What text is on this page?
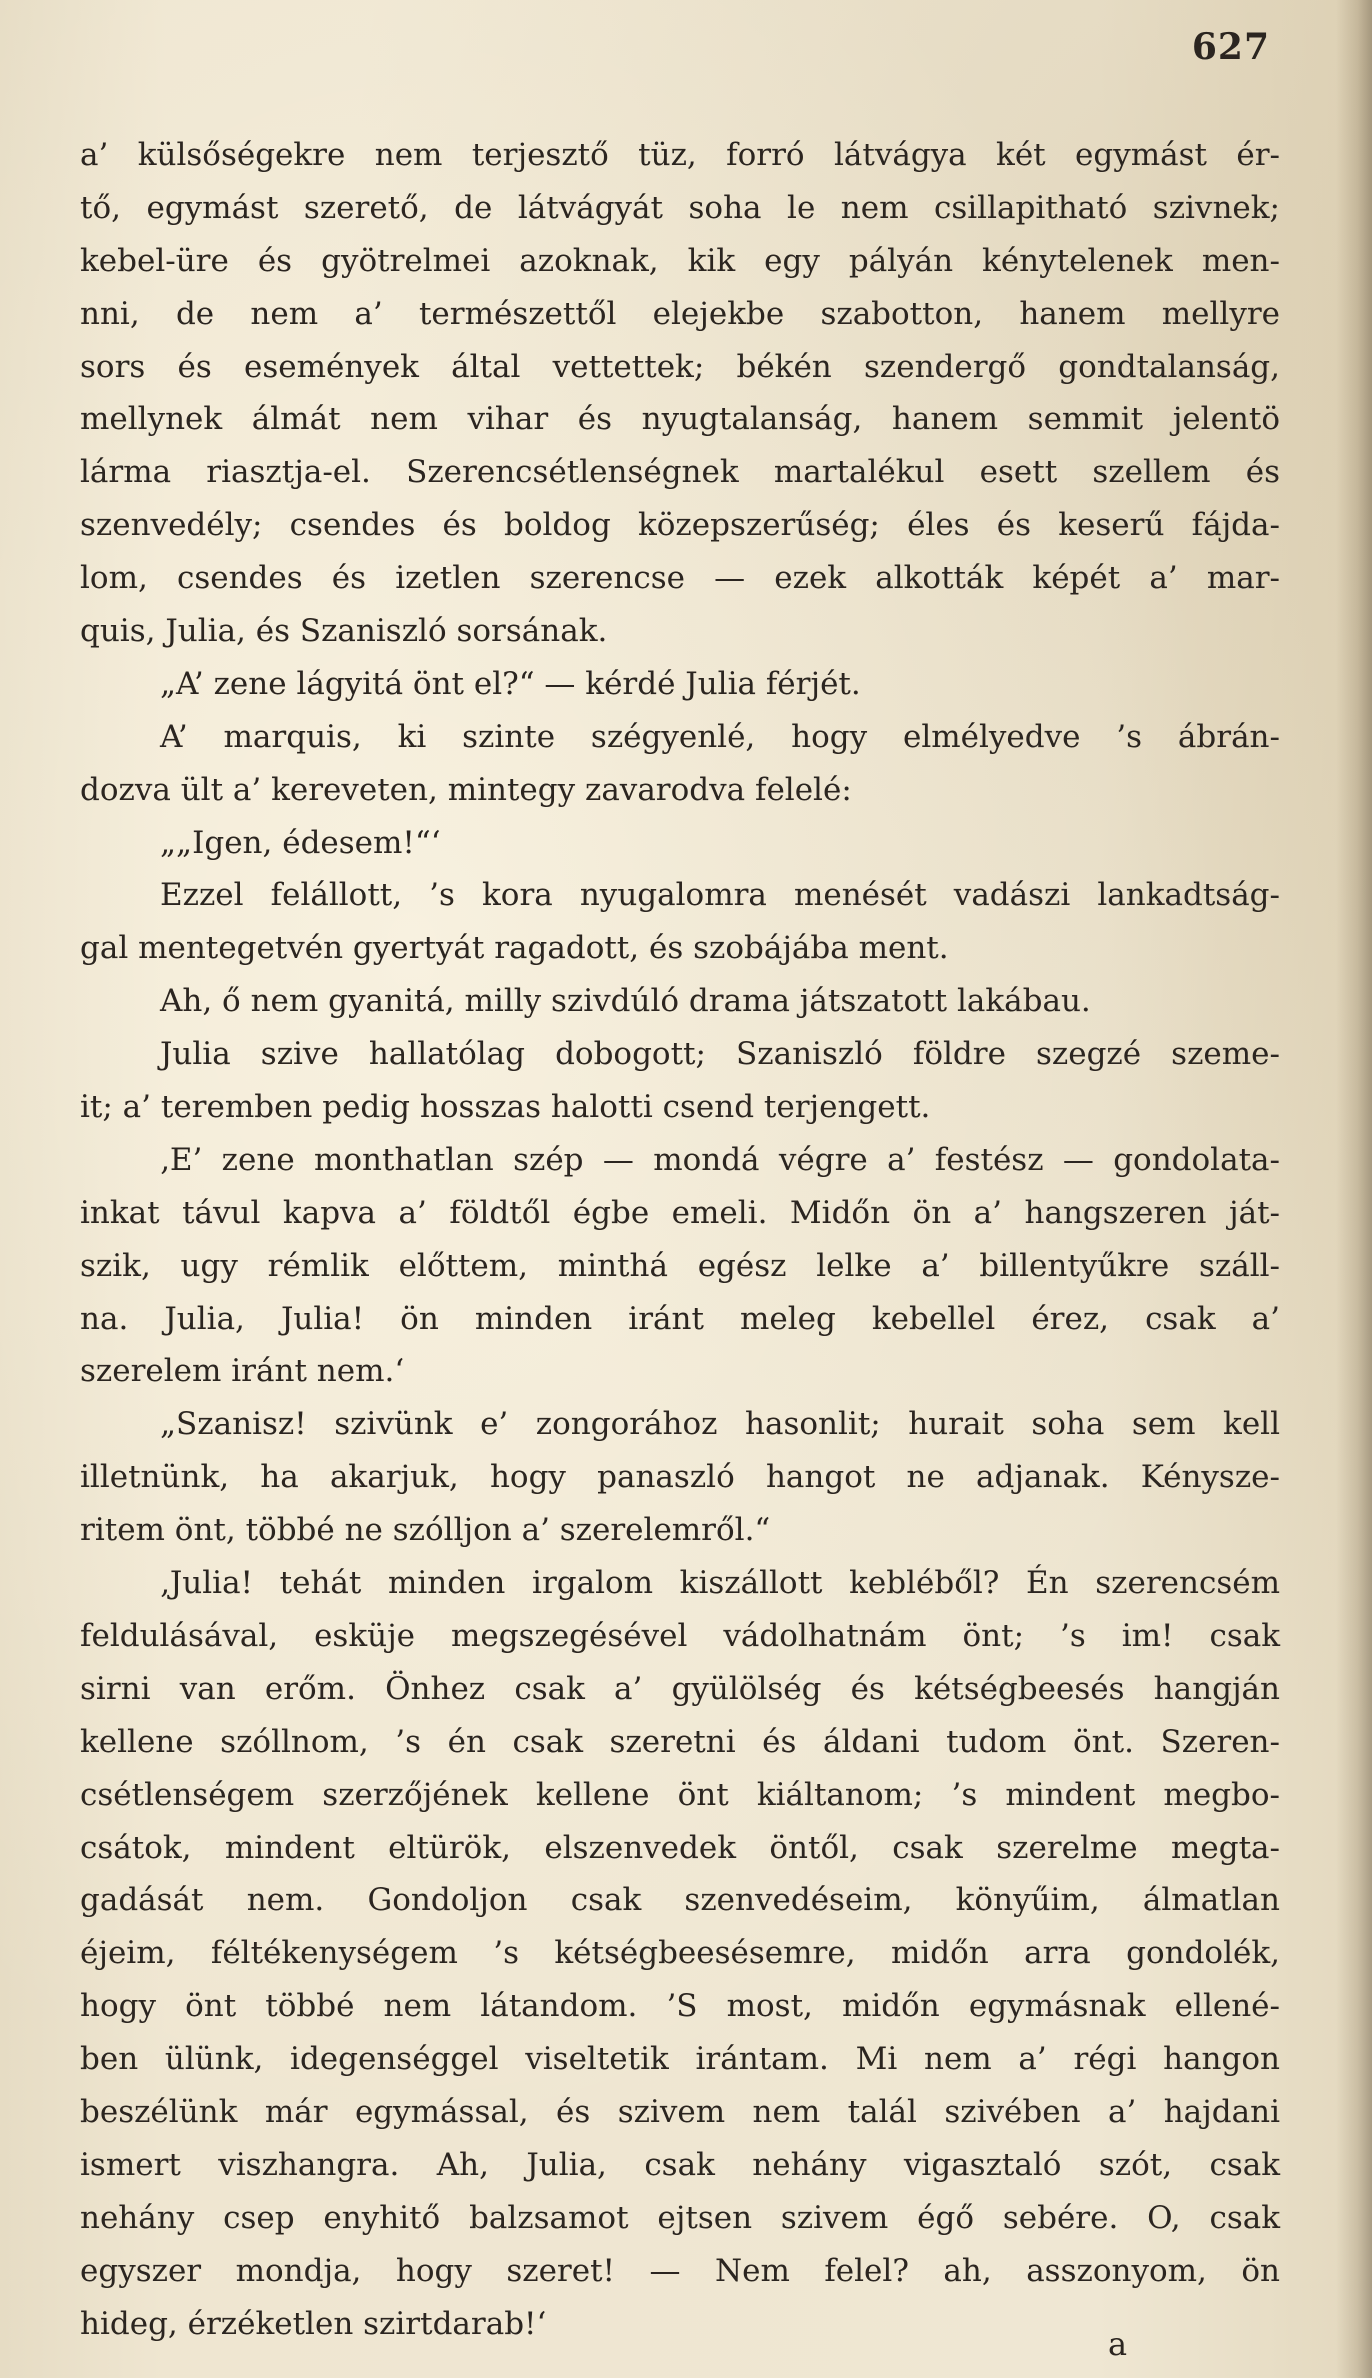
627
a’ külsőségekre nem terjesztő tüz, forró látvágya két egymást ér-
tő, egymást szerető, de látvágyát soha le nem csillapitható szivnek;
kebel-üre és gyötrelmei azoknak, kik egy pályán kénytelenek men-
nni, de nem a’ természettől elejekbe szabotton, hanem mellyre
sors és események által vettettek; békén szendergő gondtalanság,
mellynek álmát nem vihar és nyugtalanság, hanem semmit jelentö
lárma riasztja-el. Szerencsétlenségnek martalékul esett szellem és
szenvedély; csendes és boldog közepszerűség; éles és keserű fájda-
lom, csendes és izetlen szerencse — ezek alkották képét a’ mar-
quis, Julia, és Szaniszló sorsának.
„A’ zene lágyitá önt el?“ — kérdé Julia férjét.
A’ marquis, ki szinte szégyenlé, hogy elmélyedve ’s ábrán-
dozva ült a’ kereveten, mintegy zavarodva felelé:
„„Igen, édesem!“‘
Ezzel felállott, ’s kora nyugalomra menését vadászi lankadtság-
gal mentegetvén gyertyát ragadott, és szobájába ment.
Ah, ő nem gyanitá, milly szivdúló drama játszatott lakábau.
Julia szive hallatólag dobogott; Szaniszló földre szegzé szeme-
it; a’ teremben pedig hosszas halotti csend terjengett.
‚E’ zene monthatlan szép — mondá végre a’ festész — gondolata-
inkat távul kapva a’ földtől égbe emeli. Midőn ön a’ hangszeren ját-
szik, ugy rémlik előttem, minthá egész lelke a’ billentyűkre száll-
na. Julia, Julia! ön minden iránt meleg kebellel érez, csak a’
szerelem iránt nem.‘
„Szanisz! szivünk e’ zongorához hasonlit; hurait soha sem kell
illetnünk, ha akarjuk, hogy panaszló hangot ne adjanak. Kénysze-
ritem önt, többé ne szólljon a’ szerelemről.“
‚Julia! tehát minden irgalom kiszállott kebléből? Én szerencsém
feldulásával, esküje megszegésével vádolhatnám önt; ’s im! csak
sirni van erőm. Önhez csak a’ gyülölség és kétségbeesés hangján
kellene szóllnom, ’s én csak szeretni és áldani tudom önt. Szeren-
csétlenségem szerzőjének kellene önt kiáltanom; ’s mindent megbo-
csátok, mindent eltürök, elszenvedek öntől, csak szerelme megta-
gadását nem. Gondoljon csak szenvedéseim, könyűim, álmatlan
éjeim, féltékenységem ’s kétségbeesésemre, midőn arra gondolék,
hogy önt többé nem látandom. ’S most, midőn egymásnak ellené-
ben ülünk, idegenséggel viseltetik irántam. Mi nem a’ régi hangon
beszélünk már egymással, és szivem nem talál szivében a’ hajdani
ismert viszhangra. Ah, Julia, csak nehány vigasztaló szót, csak
nehány csep enyhitő balzsamot ejtsen szivem égő sebére. O, csak
egyszer mondja, hogy szeret! — Nem felel? ah, asszonyom, ön
hideg, érzéketlen szirtdarab!‘
a
